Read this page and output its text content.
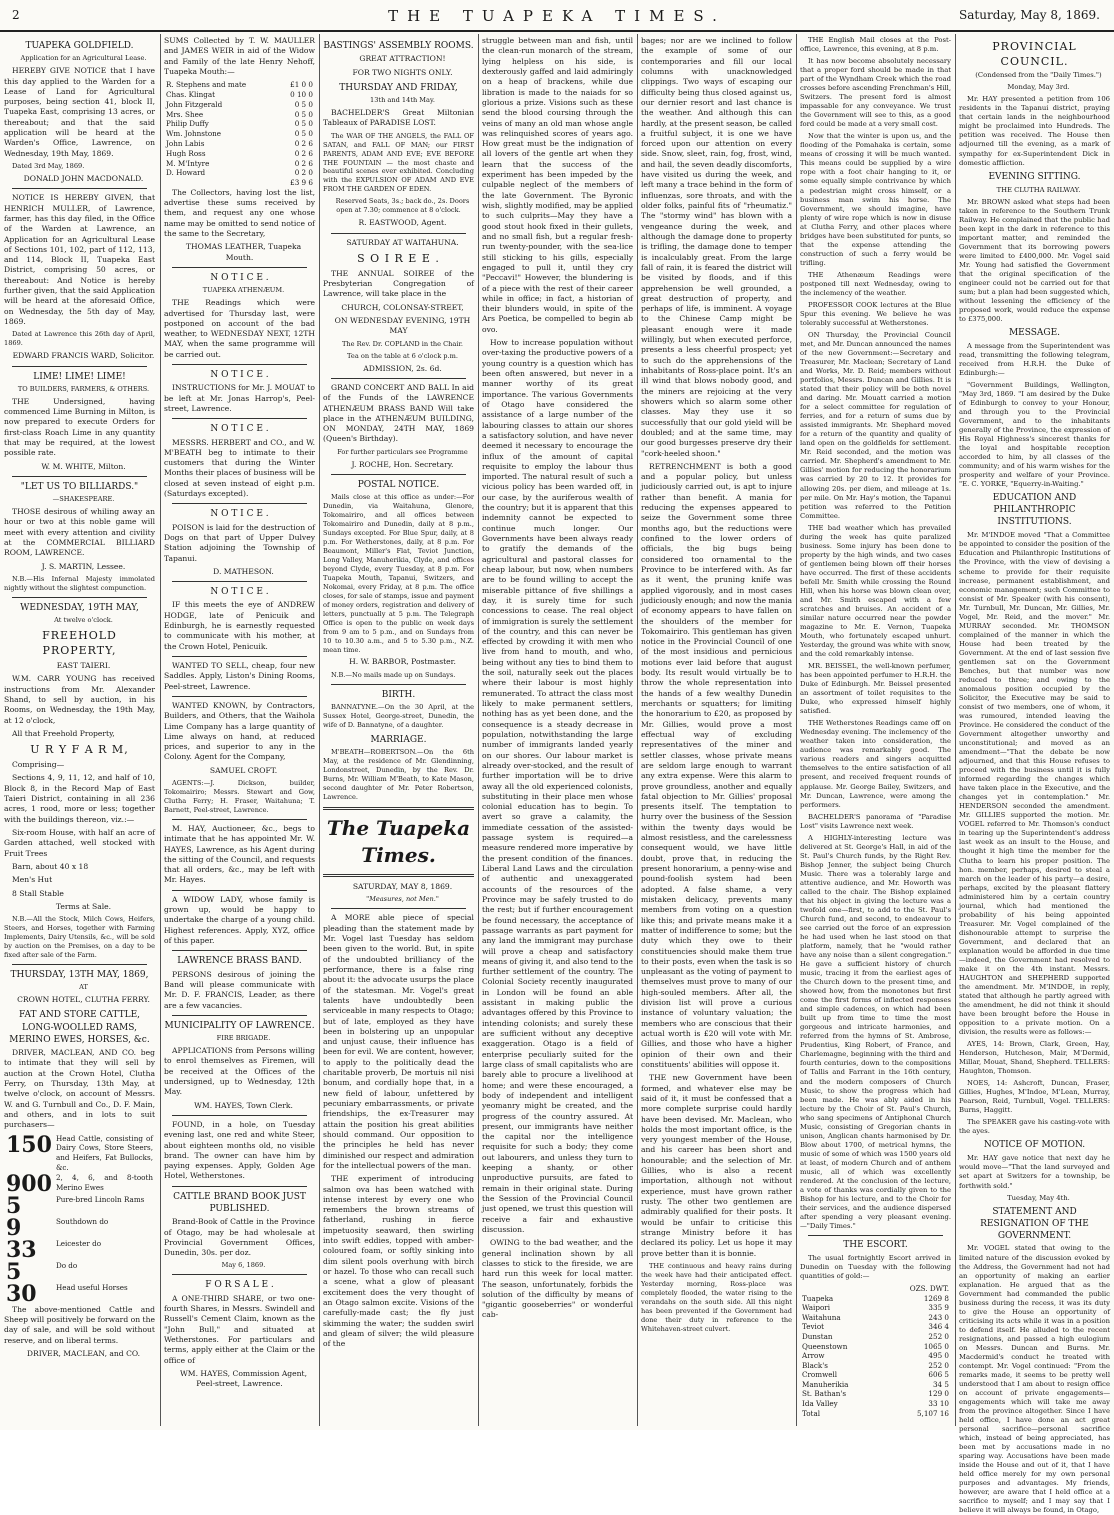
2	THE TUAPEKA TIMES.	Saturday, May 8, 1869.
TUAPEKA GOLDFIELD.

Application for an Agricultural Lease.

HEREBY GIVE NOTICE that I have this day applied to the Warden for a Lease of Land for Agricultural purposes, being section 41, block II, Tuapeka East, comprising 13 acres, or thereabout; and that the said application will be heard at the Warden's Office, Lawrence, on Wednesday, 19th May, 1869.

Dated 3rd May, 1869.

DONALD JOHN MACDONALD.

NOTICE IS HEREBY GIVEN, that HENRICH MULLER, of Lawrence, farmer, has this day filed, in the Office of the Warden at Lawrence, an Application for an Agricultural Lease of Sections 101, 102, part of 112, 113, and 114, Block II, Tuapeka East District, comprising 50 acres, or thereabout: And Notice is hereby further given, that the said Application will be heard at the aforesaid Office, on Wednesday, the 5th day of May, 1869.

Dated at Lawrence this 26th day of April, 1869.

EDWARD FRANCIS WARD, Solicitor.

LIME! LIME! LIME!

TO BUILDERS, FARMERS, & OTHERS.

THE Undersigned, having commenced Lime Burning in Milton, is now prepared to execute Orders for first-class Roach Lime in any quantity that may be required, at the lowest possible rate.

W. M. WHITE, Milton.

"LET US TO BILLIARDS."

—SHAKESPEARE.

THOSE desirous of whiling away an hour or two at this noble game will meet with every attention and civility at the COMMERCIAL BILLIARD ROOM, LAWRENCE.

J. S. MARTIN, Lessee.

N.B.—His Infernal Majesty immolated nightly without the slightest compunction.

WEDNESDAY, 19TH MAY,

At twelve o'clock.

FREEHOLD PROPERTY,

EAST TAIERI.

W.M. CARR YOUNG has received instructions from Mr. Alexander Shand, to sell by auction, in his Rooms, on Wednesday, the 19th May, at 12 o'clock,

All that Freehold Property,

U R Y F A R M,

Comprising—

Sections 4, 9, 11, 12, and half of 10, Block 8, in the Record Map of East Taieri District, containing in all 236 acres, 1 rood, more or less; together with the buildings thereon, viz.:—

Six-room House, with half an acre of Garden attached, well stocked with Fruit Trees

Barn, about 40 x 18

Men's Hut

8 Stall Stable

Terms at Sale.

N.B.—All the Stock, Milch Cows, Heifers, Steers, and Horses, together with Farming Implements, Dairy Utensils, &c., will be sold by auction on the Premises, on a day to be fixed after sale of the Farm.

THURSDAY, 13TH MAY, 1869,

AT

CROWN HOTEL, CLUTHA FERRY.

FAT AND STORE CATTLE, LONG-WOOLLED RAMS, MERINO EWES, HORSES, &c.

DRIVER, MACLEAN, AND CO. beg to intimate that they will sell by auction at the Crown Hotel, Clutha Ferry, on Thursday, 13th May, at twelve o'clock, on account of Messrs. W. and G. Turnbull and Co., D. F. Main, and others, and in lots to suit purchasers—

150	Head Cattle, consisting of Dairy Cows, Store Steers, and Heifers, Fat Bullocks, &c.
900	2, 4, 6, and 8-tooth Merino Ewes
5	Pure-bred Lincoln Rams
9	Southdown do
33	Leicester do
5	Do do
30	Head useful Horses

The above-mentioned Cattle and Sheep will positively be forward on the day of sale, and will be sold without reserve, and on liberal terms.

DRIVER, MACLEAN, and CO.

SUMS Collected by T. W. MAULLER and JAMES WEIR in aid of the Widow and Family of the late Henry Nehoff, Tuapeka Mouth:—

R. Stephens and mate	£1 0 0
Chas. Klingat	0 10 0
John Fitzgerald	0 5 0
Mrs. Shee	0 5 0
Philip Duffy	0 5 0
Wm. Johnstone	0 5 0
John Labis	0 2 6
Hugh Ross	0 2 6
M. M'Intyre	0 2 6
D. Howard	0 2 0
	£3 9 6

The Collectors, having lost the list, advertise these sums received by them, and request any one whose name may be omitted to send notice of the same to the Secretary,

THOMAS LEATHER, Tuapeka Mouth.

N O T I C E .

TUAPEKA ATHENÆUM.

THE Readings which were advertised for Thursday last, were postponed on account of the bad weather, to WEDNESDAY NEXT, 12TH MAY, when the same programme will be carried out.

N O T I C E .

INSTRUCTIONS for Mr. J. MOUAT to be left at Mr. Jonas Harrop's, Peel-street, Lawrence.

N O T I C E .

MESSRS. HERBERT and CO., and W. M'BEATH beg to intimate to their customers that during the Winter Months their places of business will be closed at seven instead of eight p.m. (Saturdays excepted).

N O T I C E .

POISON is laid for the destruction of Dogs on that part of Upper Dulvey Station adjoining the Township of Tapanui.

D. MATHESON.

N O T I C E .

IF this meets the eye of ANDREW HODGE, late of Penicuik and Edinburgh, he is earnestly requested to communicate with his mother, at the Crown Hotel, Penicuik.

WANTED TO SELL, cheap, four new Saddles. Apply, Liston's Dining Rooms, Peel-street, Lawrence.

WANTED KNOWN, by Contractors, Builders, and Others, that the Waihola Lime Company has a large quantity of Lime always on hand, at reduced prices, and superior to any in the Colony. Agent for the Company,

SAMUEL CROFT.

AGENTS:—J. Dickson, builder, Tokomairiro; Messrs. Stewart and Gow, Clutha Ferry; H. Fraser, Waitahuna; T. Barnett, Peel-street, Lawrence.

M. HAY, Auctioneer, &c., begs to intimate that he has appointed Mr. W. HAYES, Lawrence, as his Agent during the sitting of the Council, and requests that all orders, &c., may be left with Mr. Hayes.

A WIDOW LADY, whose family is grown up, would be happy to undertake the charge of a young child. Highest references. Apply, XYZ, office of this paper.

LAWRENCE BRASS BAND.

PERSONS desirous of joining the Band will please communicate with Mr. D. F. FRANCIS, Leader, as there are a few vacancies.

MUNICIPALITY OF LAWRENCE.

FIRE BRIGADE.

APPLICATIONS from Persons willing to enrol themselves as Firemen, will be received at the Offices of the undersigned, up to Wednesday, 12th May.

WM. HAYES, Town Clerk.

FOUND, in a hole, on Tuesday evening last, one red and white Steer, about eighteen months old, no visible brand. The owner can have him by paying expenses. Apply, Golden Age Hotel, Wetherstones.

CATTLE BRAND BOOK JUST PUBLISHED.

Brand-Book of Cattle in the Province of Otago, may be had wholesale at Provincial Government Offices, Dunedin, 30s. per doz.

May 6, 1869.

F O R S A L E .

A ONE-THIRD SHARE, or two one-fourth Shares, in Messrs. Swindell and Russell's Cement Claim, known as the "John Bull," and situated at Wetherstones. For particulars and terms, apply either at the Claim or the office of

WM. HAYES, Commission Agent, Peel-street, Lawrence.

BASTINGS' ASSEMBLY ROOMS.

GREAT ATTRACTION!

FOR TWO NIGHTS ONLY.

THURSDAY AND FRIDAY,

13th and 14th May.

BACHELDER'S Great Miltonian Tableaux of PARADISE LOST.

The WAR OF THE ANGELS, the FALL OF SATAN, and FALL OF MAN; our FIRST PARENTS, ADAM AND EVE; EVE BEFORE THE FOUNTAIN — the most chaste and beautiful scenes ever exhibited. Concluding with the EXPULSION OF ADAM AND EVE FROM THE GARDEN OF EDEN.

Reserved Seats, 3s.; back do., 2s. Doors open at 7.30; commence at 8 o'clock.

R. EASTWOOD, Agent.

SATURDAY AT WAITAHUNA.

S O I R E E .

THE ANNUAL SOIREE of the Presbyterian Congregation of Lawrence, will take place in the

CHURCH, COLONSAY-STREET,

ON WEDNESDAY EVENING, 19TH MAY

The Rev. Dr. COPLAND in the Chair.

Tea on the table at 6 o'clock p.m.

ADMISSION, 2s. 6d.

GRAND CONCERT AND BALL In aid of the Funds of the LAWRENCE ATHENÆUM BRASS BAND Will take place in the ATHENÆUM BUILDING, ON MONDAY, 24TH MAY, 1869 (Queen's Birthday).

For further particulars see Programme

J. ROCHE, Hon. Secretary.

POSTAL NOTICE.

Mails close at this office as under:—For Dunedin, via Waitahuna, Glenore, Tokomairiro, and all offices between Tokomairiro and Dunedin, daily at 8 p.m., Sundays excepted. For Blue Spur, daily, at 8 p.m. For Wetherstones, daily, at 8 p.m. For Beaumont, Miller's Flat, Teviot Junction, Long Valley, Manuherikia, Clyde, and offices beyond Clyde, every Tuesday, at 8 p.m. For Tuapeka Mouth, Tapanui, Switzers, and Nokomai, every Friday, at 8 p.m. The office closes, for sale of stamps, issue and payment of money orders, registration and delivery of letters, punctually at 5 p.m. The Telegraph Office is open to the public on week days from 9 am to 5 p.m., and on Sundays from 10 to 10.30 a.m., and 5 to 5.30 p.m., N.Z. mean time.

H. W. BARBOR, Postmaster.

N.B.—No mails made up on Sundays.

BIRTH.

BANNATYNE.—On the 30 April, at the Sussex Hotel, George-street, Dunedin, the wife of D. Bannatyne, of a daughter.

MARRIAGE.

M'BEATH—ROBERTSON.—On the 6th May, at the residence of Mr. Glendinning, Londonstreet, Dunedin, by the Rev. Dr. Burns, Mr. William M'Beath, to Kate Mason, second daughter of Mr. Peter Robertson, Lawrence.

The Tuapeka Times.

SATURDAY, MAY 8, 1869.

"Measures, not Men."

A MORE able piece of special pleading than the statement made by Mr. Vogel last Tuesday has seldom been given to the world. But, in spite of the undoubted brilliancy of the performance, there is a false ring about it: the advocate usurps the place of the statesman. Mr. Vogel's great talents have undoubtedly been serviceable in many respects to Otago; but of late, employed as they have been in bolstering up an unpopular and unjust cause, their influence has been for evil. We are content, however, to apply to the politically dead the charitable proverb, De mortuis nil nisi bonum, and cordially hope that, in a new field of labour, unfettered by pecuniary embarrassments, or private friendships, the ex-Treasurer may attain the position his great abilities should command. Our opposition to the principles he held has never diminished our respect and admiration for the intellectual powers of the man.

THE experiment of introducing salmon ova has been watched with intense interest by every one who remembers the brown streams of fatherland, rushing in fierce impetuosity seaward, then swirling into swift eddies, topped with amber-coloured foam, or softly sinking into dim silent pools overhung with birch or hazel. To those who can recall such a scene, what a glow of pleasant excitement does the very thought of an Otago salmon excite. Visions of the carefully-made cast; the fly just skimming the water; the sudden swirl and gleam of silver; the wild pleasure of the

struggle between man and fish, until the clean-run monarch of the stream, lying helpless on his side, is dexterously gaffed and laid admiringly on a heap of brackens, while due libration is made to the naiads for so glorious a prize. Visions such as these send the blood coursing through the veins of many an old man whose angle was relinquished scores of years ago. How great must be the indignation of all lovers of the gentle art when they learn that the success of the experiment has been impeded by the culpable neglect of the members of the late Government. The Byronic wish, slightly modified, may be applied to such culprits—May they have a good stout hook fixed in their gullets, and no small fish, but a regular fresh-run twenty-pounder, with the sea-lice still sticking to his gills, especially engaged to pull it, until they cry "Peccavi!" However, the blundering is of a piece with the rest of their career while in office; in fact, a historian of their blunders would, in spite of the Ars Poetica, be compelled to begin ab ovo.

How to increase population without over-taxing the productive powers of a young country is a question which has been often answered, but never in a manner worthy of its great importance. The various Governments of Otago have considered the assistance of a large number of the labouring classes to attain our shores a satisfactory solution, and have never deemed it necessary to encourage the influx of the amount of capital requisite to employ the labour thus imported. The natural result of such a vicious policy has been warded off, in our case, by the auriferous wealth of the country; but it is apparent that this indemnity cannot be expected to continue much longer. Our Governments have been always ready to gratify the demands of the agricultural and pastoral classes for cheap labour, but now, when numbers are to be found willing to accept the miserable pittance of five shillings a day, it is surely time for such concessions to cease. The real object of immigration is surely the settlement of the country, and this can never be effected by crowding it with men who live from hand to mouth, and who, being without any ties to bind them to the soil, naturally seek out the places where their labour is most highly remunerated. To attract the class most likely to make permanent settlers, nothing has as yet been done, and the consequence is a steady decrease in population, notwithstanding the large number of immigrants landed yearly on our shores. Our labour market is already over-stocked, and the result of further importation will be to drive away all the old experienced colonists, substituting in their place men whose colonial education has to begin. To avert so grave a calamity, the immediate cessation of the assisted-passage system is required—a measure rendered more imperative by the present condition of the finances. Liberal Land Laws and the circulation of authentic and unexaggerated accounts of the resources of the Province may be safely trusted to do the rest; but if further encouragement be found necessary, the acceptance of passage warrants as part payment for any land the immigrant may purchase will prove a cheap and satisfactory means of giving it, and also tend to the further settlement of the country. The Colonial Society recently inaugurated in London will be found an able assistant in making public the advantages offered by this Province to intending colonists; and surely these are sufficient without any deceptive exaggeration. Otago is a field of enterprise peculiarly suited for the large class of small capitalists who are barely able to procure a livelihood at home; and were these encouraged, a body of independent and intelligent yeomanry might be created, and the progress of the country assured. At present, our immigrants have neither the capital nor the intelligence requisite for such a body; they come out labourers, and unless they turn to keeping a shanty, or other unproductive pursuits, are fated to remain in their original state. During the Session of the Provincial Council just opened, we trust this question will receive a fair and exhaustive discussion.

OWING to the bad weather, and the general inclination shown by all classes to stick to the fireside, we are hard run this week for local matter. The season, unfortunately, forbids the solution of the difficulty by means of "gigantic gooseberries" or wonderful cab-

bages; nor are we inclined to follow the example of some of our contemporaries and fill our local columns with unacknowledged clippings. Two ways of escaping our difficulty being thus closed against us, our dernier resort and last chance is the weather. And although this can hardly, at the present season, be called a fruitful subject, it is one we have forced upon our attention on every side. Snow, sleet, rain, fog, frost, wind, and hail, the seven deadly discomforts, have visited us during the week, and left many a trace behind in the form of influenzas, sore throats, and with the older folks, painful fits of "rheumatiz." The "stormy wind" has blown with a vengeance during the week, and although the damage done to property is trifling, the damage done to temper is incalculably great. From the large fall of rain, it is feared the district will be visited by floods, and if this apprehension be well grounded, a great destruction of property, and perhaps of life, is imminent. A voyage to the Chinese Camp might be pleasant enough were it made willingly, but when executed perforce, presents a less cheerful prospect; yet to such do the apprehensions of the inhabitants of Ross-place point. It's an ill wind that blows nobody good, and the miners are rejoicing at the very showers which so alarm some other classes. May they use it so successfully that our gold yield will be doubled; and at the same time, may our good burgesses preserve dry their "cork-heeled shoon."

RETRENCHMENT is both a good and a popular policy, but unless judiciously carried out, is apt to injure rather than benefit. A mania for reducing the expenses appeared to seize the Government some three months ago, but the reductions were confined to the lower orders of officials, the big bugs being considered too ornamental to the Province to be interfered with. As far as it went, the pruning knife was applied vigorously, and in most cases judiciously enough; and now the mania of economy appears to have fallen on the shoulders of the member for Tokomairiro. This gentleman has given notice in the Provincial Council of one of the most insidious and pernicious motions ever laid before that august body. Its result would virtually be to throw the whole representation into the hands of a few wealthy Dunedin merchants or squatters; for limiting the honorarium to £20, as proposed by Mr. Gillies, would prove a most effectual way of excluding representatives of the miner and settler classes, whose private means are seldom large enough to warrant any extra expense. Were this alarm to prove groundless, another and equally fatal objection to Mr. Gillies' proposal presents itself. The temptation to hurry over the business of the Session within the twenty days would be almost resistless, and the carelessness consequent would, we have little doubt, prove that, in reducing the present honorarium, a penny-wise and pound-foolish system had been adopted. A false shame, a very mistaken delicacy, prevents many members from voting on a question like this; and private means make it a matter of indifference to some; but the duty which they owe to their constituencies should make them true to their posts, even when the task is so unpleasant as the voting of payment to themselves must prove to many of our high-souled members. After all, the division list will prove a curious instance of voluntary valuation; the members who are conscious that their actual worth is £20 will vote with Mr. Gillies, and those who have a higher opinion of their own and their constituents' abilities will oppose it.

THE new Government have been formed, and whatever else may be said of it, it must be confessed that a more complete surprise could hardly have been devised. Mr. Maclean, who holds the most important office, is the very youngest member of the House, and his career has been short and honourable; and the selection of Mr. Gillies, who is also a recent importation, although not without experience, must have grown rather rusty. The other two gentlemen are admirably qualified for their posts. It would be unfair to criticise this strange Ministry before it has declared its policy. Let us hope it may prove better than it is bonnie.

THE continuous and heavy rains during the week have had their anticipated effect. Yesterday morning, Ross-place was completely flooded, the water rising to the verandahs on the south side. All this night has been prevented if the Government had done their duty in reference to the Whitehaven-street culvert.

THE English Mail closes at the Post-office, Lawrence, this evening, at 8 p.m.

It has now become absolutely necessary that a proper ford should be made in that part of the Wyndham Creek which the road crosses before ascending Frenchman's Hill, Switzers. The present ford is almost impassable for any conveyance. We trust the Government will see to this, as a good ford could be made at a very small cost.

Now that the winter is upon us, and the flooding of the Pomahaka is certain, some means of crossing it will be much wanted. This means could be supplied by a wire rope with a foot chair hanging to it, or some equally simple contrivance by which a pedestrian might cross himself, or a business man swim his horse. The Government, we should imagine, have plenty of wire rope which is now in disuse at Clutha Ferry, and other places where bridges have been substituted for punts, so that the expense attending the construction of such a ferry would be trifling.

THE Athenæum Readings were postponed till next Wednesday, owing to the inclemency of the weather.

PROFESSOR COOK lectures at the Blue Spur this evening. We believe he was tolerably successful at Wetherstones.

ON Thursday, the Provincial Council met, and Mr. Duncan announced the names of the new Government:—Secretary and Treasurer, Mr. Maclean; Secretary of Land and Works, Mr. D. Reid; members without portfolios, Messrs. Duncan and Gillies. It is stated that their policy will be both novel and daring. Mr. Mouatt carried a motion for a select committee for regulation of ferries, and for a return of sums due by assisted immigrants. Mr. Shephard moved for a return of the quantity and quality of land open on the goldfields for settlement. Mr. Reid seconded, and the motion was carried. Mr. Shepherd's amendment to Mr. Gillies' motion for reducing the honorarium was carried by 20 to 12. It provides for allowing 20s. per diem, and mileage at 1s. per mile. On Mr. Hay's motion, the Tapanui petition was referred to the Petition Committee.

THE bad weather which has prevailed during the week has quite paralized business. Some injury has been done to property by the high winds, and two cases of gentlemen being blown off their horses have occurred. The first of these accidents befell Mr. Smith while crossing the Round Hill, when his horse was blown clean over, and Mr. Smith escaped with a few scratches and bruises. An accident of a similar nature occurred near the powder magazine to Mr. E. Vernon, Tuapeka Mouth, who fortunately escaped unhurt. Yesterday, the ground was white with snow, and the cold remarkably intense.

MR. BEISSEL, the well-known perfumer, has been appointed perfumer to H.R.H. the Duke of Edinburgh. Mr. Beissel presented an assortment of toilet requisites to the Duke, who expressed himself highly satisfied.

THE Wetherstones Readings came off on Wednesday evening. The inclemency of the weather taken into consideration, the audience was remarkably good. The various readers and singers acquitted themselves to the entire satisfaction of all present, and received frequent rounds of applause. Mr. George Bailey, Switzers, and Mr. Duncan, Lawrence, were among the performers.

BACHELDER'S panorama of "Paradise Lost" visits Lawrence next week.

A HIGHLY-interesting lecture was delivered at St. George's Hall, in aid of the St. Paul's Church funds, by the Right Rev. Bishop Jenner, the subject being Church Music. There was a tolerably large and attentive audience, and Mr. Howorth was called to the chair. The Bishop explained that his object in giving the lecture was a twofold one—first, to add to the St. Paul's Church fund, and second, to endeavour to see carried out the force of an expression he had used when he last stood on that platform, namely, that he "would rather have any noise than a silent congregation." He gave a sufficient history of church music, tracing it from the earliest ages of the Church down to the present time, and showed how, from the monotones but first come the first forms of inflected responses and simple cadences, on which had been built up from time to time the most gorgeous and intricate harmonies, and referred from the hymns of St. Ambrose, Prudentius, King Robert, of France, and Charlemagne, beginning with the third and fourth centuries, down to the compositions of Tallis and Farrant in the 16th century, and the modern composers of Church Music, to show the progress which had been made. He was ably aided in his lecture by the Choir of St. Paul's Church, who sang specimens of Antiphonal Church Music, consisting of Gregorian chants in unison, Anglican chants harmonised by Dr. Blow about 1700, of metrical hymns, the music of some of which was 1500 years old at least, of modern Church and of anthem music, all of which was excellently rendered. At the conclusion of the lecture, a vote of thanks was cordially given to the Bishop for his lecture, and to the Choir for their services, and the audience dispersed after spending a very pleasant evening.—"Daily Times."

THE ESCORT.

The usual fortnightly Escort arrived in Dunedin on Tuesday with the following quantities of gold:—

	OZS. DWT.
Tuapeka	1269 8
Waipori	335 9
Waitahuna	243 0
Teviot	346 4
Dunstan	252 0
Queenstown	1065 0
Arrow	495 0
Black's	252 0
Cromwell	606 5
Manuherikia	34 5
St. Bathan's	129 0
Ida Valley	33 10
Total	5,107 16
PROVINCIAL COUNCIL.

(Condensed from the "Daily Times.")

Monday, May 3rd.

Mr. HAY presented a petition from 106 residents in the Tapanui district, praying that certain lands in the neighbourhood might be proclaimed into Hundreds. The petition was received. The House then adjourned till the evening, as a mark of sympathy for ex-Superintendent Dick in domestic affliction.

EVENING SITTING.

THE CLUTHA RAILWAY.

Mr. BROWN asked what steps had been taken in reference to the Southern Trunk Railway. He complained that the public had been kept in the dark in reference to this important matter, and reminded the Government that its borrowing powers were limited to £400,000. Mr. Vogel said Mr. Young had satisfied the Government that the original specification of the engineer could not be carried out for that sum; but a plan had been suggested which, without lessening the efficiency of the proposed work, would reduce the expense to £375,000.

MESSAGE.

A message from the Superintendent was read, transmitting the following telegram, received from H.R.H. the Duke of Edinburgh:—

"Government Buildings, Wellington, "May 3rd, 1869. "I am desired by the Duke of Edinburgh to convey to your Honour, and through you to the Provincial Government, and to the inhabitants generally of the Province, the expression of His Royal Highness's sincerest thanks for the loyal and hospitable reception accorded to him, by all classes of the community; and of his warm wishes for the prosperity and welfare of your Province. "E. C. YORKE, "Equerry-in-Waiting."

EDUCATION AND PHILANTHROPIC INSTITUTIONS.

Mr. M'INDOE moved "That a Committee be appointed to consider the position of the Education and Philanthropic Institutions of the Province, with the view of devising a scheme to provide for their requisite increase, permanent establishment, and economic management; such Committee to consist of Mr. Speaker (with his consent), Mr. Turnbull, Mr. Duncan, Mr. Gillies, Mr. Vogel, Mr. Reid, and the mover." Mr. MURRAY seconded. Mr. THOMSON complained of the manner in which the House had been treated by the Government. At the end of last session five gentlemen sat on the Government Benches, but that number was now reduced to three; and owing to the anomalous position occupied by the Solicitor, the Executive may be said to consist of two members, one of whom, it was rumoured, intended leaving the Province. He considered the conduct of the Government altogether unworthy and unconstitutional; and moved as an amendment—"That the debate be now adjourned, and that this House refuses to proceed with the business until it is fully informed regarding the changes which have taken place in the Executive, and the changes yet in contemplation." Mr. HENDERSON seconded the amendment. Mr. GILLIES supported the motion. Mr. VOGEL referred to Mr. Thomson's conduct in tearing up the Superintendent's address last week as an insult to the House, and thought it high time the member for the Clutha to learn his proper position. The hon. member, perhaps, desired to steal a march on the leader of his party—a desire, perhaps, excited by the pleasant flattery administered him by a certain country journal, which had mentioned the probability of his being appointed Treasurer. Mr. Vogel complained of the dishonourable attempt to surprise the Government, and declared that an explanation would be afforded in due time—indeed, the Government had resolved to make it on the 4th instant. Messrs. HAUGHTON and SHEPHERD supported the amendment. Mr. M'INDOE, in reply, stated that although he partly agreed with the amendment, he did not think it should have been brought before the House in opposition to a private motion. On a division, the results were as follows:—

AYES, 14: Brown, Clark, Green, Hay, Henderson, Hutcheson, Mair, M'Dermid, Millar, Mouat, Shand, Shepherd. TELLERS: Haughton, Thomson.

NOES, 14: Ashcroft, Duncan, Fraser, Gillies, Hughes, M'Indoe, M'Lean, Murray, Pearson, Reid, Turnbull, Vogel. TELLERS: Burns, Haggitt.

The SPEAKER gave his casting-vote with the ayes.

NOTICE OF MOTION.

Mr. HAY gave notice that next day he would move—"That the land surveyed and set apart at Switzers for a township, be forthwith sold."

Tuesday, May 4th.

STATEMENT AND RESIGNATION OF THE GOVERNMENT.

Mr. VOGEL stated that owing to the limited nature of the discussion evoked by the Address, the Government had not had an opportunity of making an earlier explanation. He argued that as the Government had commanded the public business during the recess, it was its duty to give the House an opportunity of criticising its acts while it was in a position to defend itself. He alluded to the recent resignations, and passed a high eulogium on Messrs. Duncan and Burns. Mr. Macdermid's conduct he treated with contempt. Mr. Vogel continued: "From the remarks made, it seems to be pretty well understood that I am about to resign office on account of private engagements—engagements which will take me away from the province altogether. Since I have held office, I have done an act great personal sacrifice—personal sacrifice which, instead of being appreciated, has been met by accusations made in no sparing way. Accusations have been made inside the House and out of it, that I have held office merely for my own personal purposes and advantages. My friends, however, are aware that I held office at a sacrifice to myself; and I may say that I believe it will always be found, in Otago,
